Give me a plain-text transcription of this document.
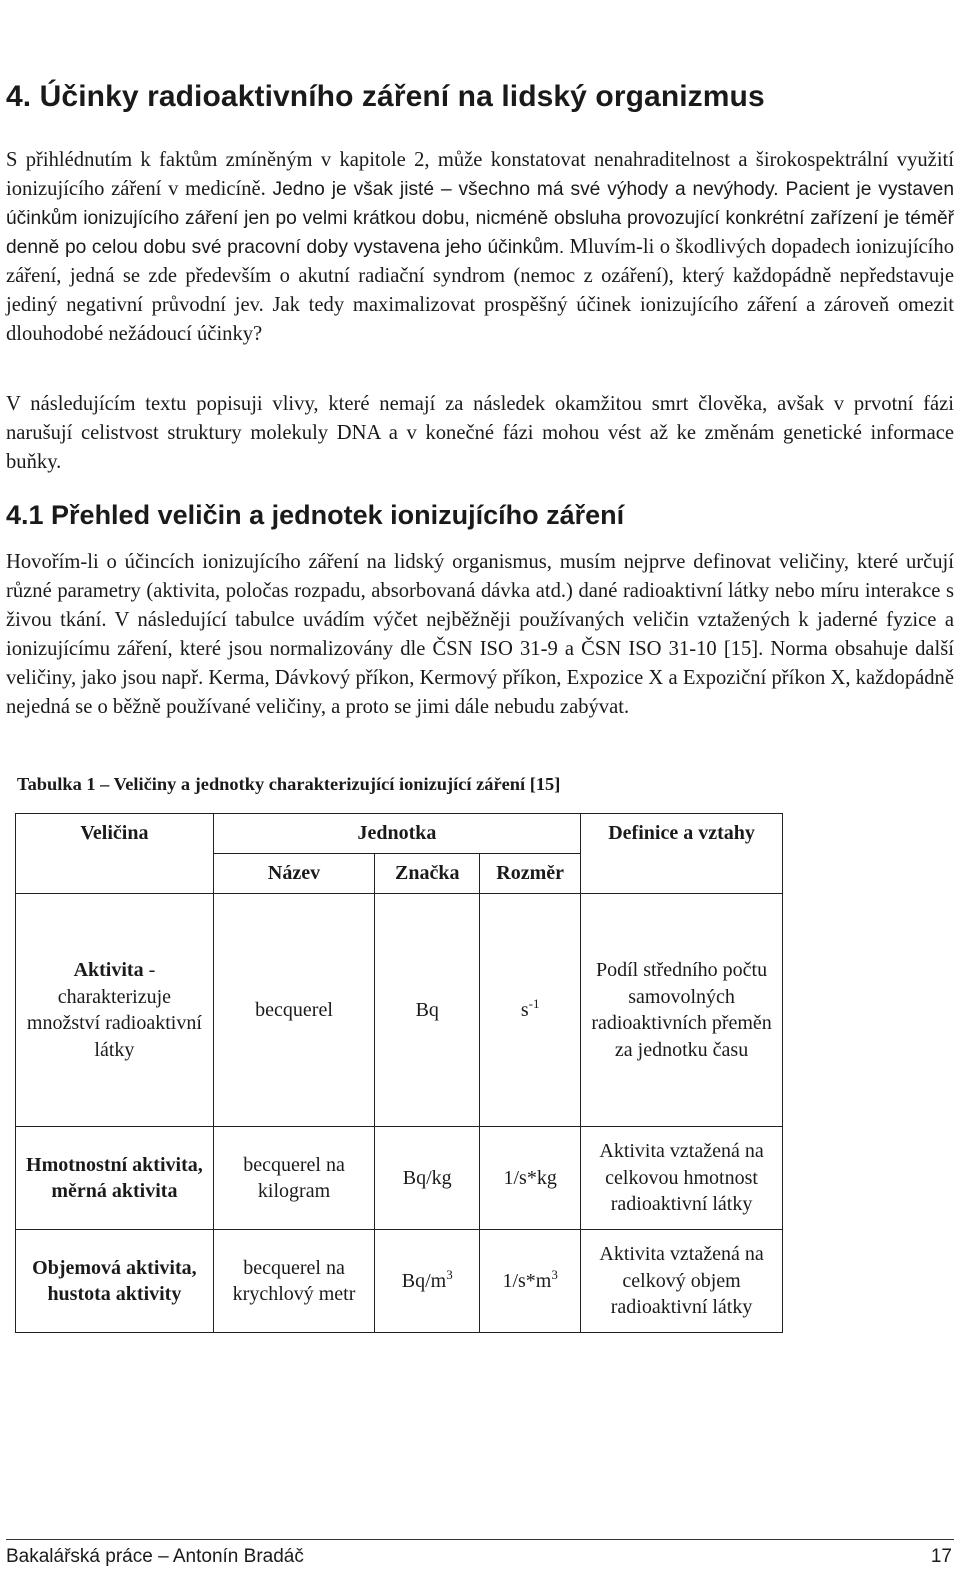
4. Účinky radioaktivního záření na lidský organizmus

S přihlédnutím k faktům zmíněným v kapitole 2, může konstatovat nenahraditelnost a širokospektrální využití ionizujícího záření v medicíně. Jedno je však jisté – všechno má své výhody a nevýhody. Pacient je vystaven účinkům ionizujícího záření jen po velmi krátkou dobu, nicméně obsluha provozující konkrétní zařízení je téměř denně po celou dobu své pracovní doby vystavena jeho účinkům. Mluvím-li o škodlivých dopadech ionizujícího záření, jedná se zde především o akutní radiační syndrom (nemoc z ozáření), který každopádně nepředstavuje jediný negativní průvodní jev. Jak tedy maximalizovat prospěšný účinek ionizujícího záření a zároveň omezit dlouhodobé nežádoucí účinky?

V následujícím textu popisuji vlivy, které nemají za následek okamžitou smrt člověka, avšak v prvotní fázi narušují celistvost struktury molekuly DNA a v konečné fázi mohou vést až ke změnám genetické informace buňky.

4.1 Přehled veličin a jednotek ionizujícího záření

Hovořím-li o účincích ionizujícího záření na lidský organismus, musím nejprve definovat veličiny, které určují různé parametry (aktivita, poločas rozpadu, absorbovaná dávka atd.) dané radioaktivní látky nebo míru interakce s živou tkání. V následující tabulce uvádím výčet nejběžněji používaných veličin vztažených k jaderné fyzice a ionizujícímu záření, které jsou normalizovány dle ČSN ISO 31-9 a ČSN ISO 31-10 [15]. Norma obsahuje další veličiny, jako jsou např. Kerma, Dávkový příkon, Kermový příkon, Expozice X a Expoziční příkon X, každopádně nejedná se o běžně používané veličiny, a proto se jimi dále nebudu zabývat.

Tabulka 1 – Veličiny a jednotky charakterizující ionizující záření [15]

Veličina	Jednotka			Definice a vztahy
	Název	Značka	Rozměr	
Aktivita - charakterizuje množství radioaktivní látky	becquerel	Bq	$s^{-1}$	Podíl středního počtu samovolných radioaktivních přeměn za jednotku času
Hmotnostní aktivita, měrná aktivita	becquerel na kilogram	Bq/kg	1/s*kg	Aktivita vztažená na celkovou hmotnost radioaktivní látky
Objemová aktivita, hustota aktivity	becquerel na krychlový metr	$Bq/m^3$	$1/s*m^3$	Aktivita vztažená na celkový objem radioaktivní látky
Bakalářská práce – Antonín Bradáč	17
